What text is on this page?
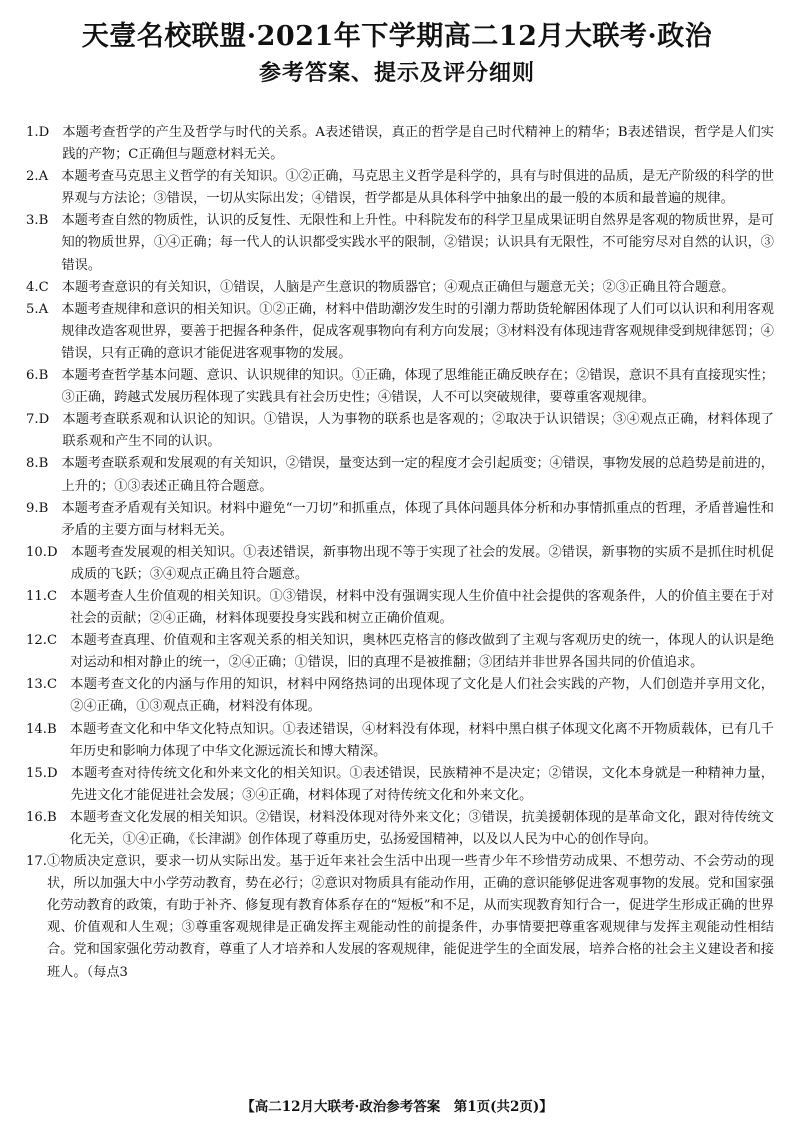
天壹名校联盟·2021年下学期高二12月大联考·政治
参考答案、提示及评分细则
1.D　 本题考查哲学的产生及哲学与时代的关系。A表述错误，真正的哲学是自己时代精神上的精华；B表述错误，哲学是人们实践的产物；C正确但与题意材料无关。
2.A　 本题考查马克思主义哲学的有关知识。①②正确，马克思主义哲学是科学的，具有与时俱进的品质，是无产阶级的科学的世界观与方法论；③错误，一切从实际出发；④错误，哲学都是从具体科学中抽象出的最一般的本质和最普遍的规律。
3.B　 本题考查自然的物质性，认识的反复性、无限性和上升性。中科院发布的科学卫星成果证明自然界是客观的物质世界，是可知的物质世界，①④正确；每一代人的认识都受实践水平的限制，②错误；认识具有无限性，不可能穷尽对自然的认识，③错误。
4.C　 本题考查意识的有关知识，①错误，人脑是产生意识的物质器官；④观点正确但与题意无关；②③正确且符合题意。
5.A　 本题考查规律和意识的相关知识。①②正确，材料中借助潮汐发生时的引潮力帮助货轮解困体现了人们可以认识和利用客观规律改造客观世界，要善于把握各种条件，促成客观事物向有利方向发展；③材料没有体现违背客观规律受到规律惩罚；④错误，只有正确的意识才能促进客观事物的发展。
6.B　 本题考查哲学基本问题、意识、认识规律的知识。①正确，体现了思维能正确反映存在；②错误，意识不具有直接现实性；③正确，跨越式发展历程体现了实践具有社会历史性；④错误，人不可以突破规律，要尊重客观规律。
7.D　 本题考查联系观和认识论的知识。①错误，人为事物的联系也是客观的；②取决于认识错误；③④观点正确，材料体现了联系观和产生不同的认识。
8.B　 本题考查联系观和发展观的有关知识，②错误，量变达到一定的程度才会引起质变；④错误，事物发展的总趋势是前进的，上升的；①③表述正确且符合题意。
9.B　 本题考查矛盾观有关知识。材料中避免“一刀切”和抓重点，体现了具体问题具体分析和办事情抓重点的哲理，矛盾普遍性和矛盾的主要方面与材料无关。
10.D　 本题考查发展观的相关知识。①表述错误，新事物出现不等于实现了社会的发展。②错误，新事物的实质不是抓住时机促成质的飞跃；③④观点正确且符合题意。
11.C　 本题考查人生价值观的相关知识。①③错误，材料中没有强调实现人生价值中社会提供的客观条件，人的价值主要在于对社会的贡献；②④正确，材料体现要投身实践和树立正确价值观。
12.C　 本题考查真理、价值观和主客观关系的相关知识，奥林匹克格言的修改做到了主观与客观历史的统一，体现人的认识是绝对运动和相对静止的统一，②④正确；①错误，旧的真理不是被推翻；③团结并非世界各国共同的价值追求。
13.C　 本题考查文化的内涵与作用的知识，材料中网络热词的出现体现了文化是人们社会实践的产物，人们创造并享用文化，②④正确，①③观点正确，材料没有体现。
14.B　 本题考查文化和中华文化特点知识。①表述错误，④材料没有体现，材料中黑白棋子体现文化离不开物质载体，已有几千年历史和影响力体现了中华文化源远流长和博大精深。
15.D　 本题考查对待传统文化和外来文化的相关知识。①表述错误，民族精神不是决定；②错误，文化本身就是一种精神力量，先进文化才能促进社会发展；③④正确，材料体现了对待传统文化和外来文化。
16.B　 本题考查文化发展的相关知识。②错误，材料没体现对待外来文化；③错误，抗美援朝体现的是革命文化，跟对待传统文化无关，①④正确，《长津湖》创作体现了尊重历史，弘扬爱国精神，以及以人民为中心的创作导向。
17. ①物质决定意识，要求一切从实际出发。基于近年来社会生活中出现一些青少年不珍惜劳动成果、不想劳动、不会劳动的现状，所以加强大中小学劳动教育，势在必行；②意识对物质具有能动作用，正确的意识能够促进客观事物的发展。党和国家强化劳动教育的政策，有助于补齐、修复现有教育体系存在的“短板”和不足，从而实现教育知行合一，促进学生形成正确的世界观、价值观和人生观；③尊重客观规律是正确发挥主观能动性的前提条件，办事情要把尊重客观规律与发挥主观能动性相结合。党和国家强化劳动教育，尊重了人才培养和人发展的客观规律，能促进学生的全面发展，培养合格的社会主义建设者和接班人。（每点3
【高二12月大联考·政治参考答案　第1页(共2页)】
